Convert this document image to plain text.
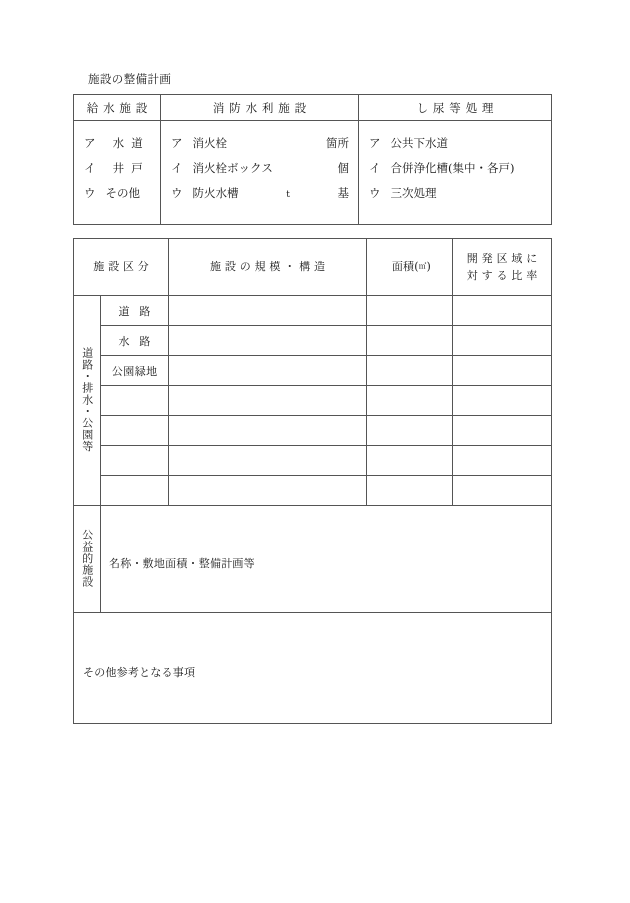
施設の整備計画
給水施設	消防水利施設	し尿等処理

ア	水道
イ	井戸
ウ その他

ア 消火栓	箇所
イ 消火栓ボックス	個
ウ 防火水槽	t	基

ア 公共下水道
イ 合併浄化槽(集中・各戸)
ウ 三次処理
施設区分		施設の規模・構造	面積(㎡)	開発区域に
対する比率

道路・排水・公園等	道路			

	水路			

	公園緑地			

公益的施設	名称・敷地面積・整備計画等
その他参考となる事項
